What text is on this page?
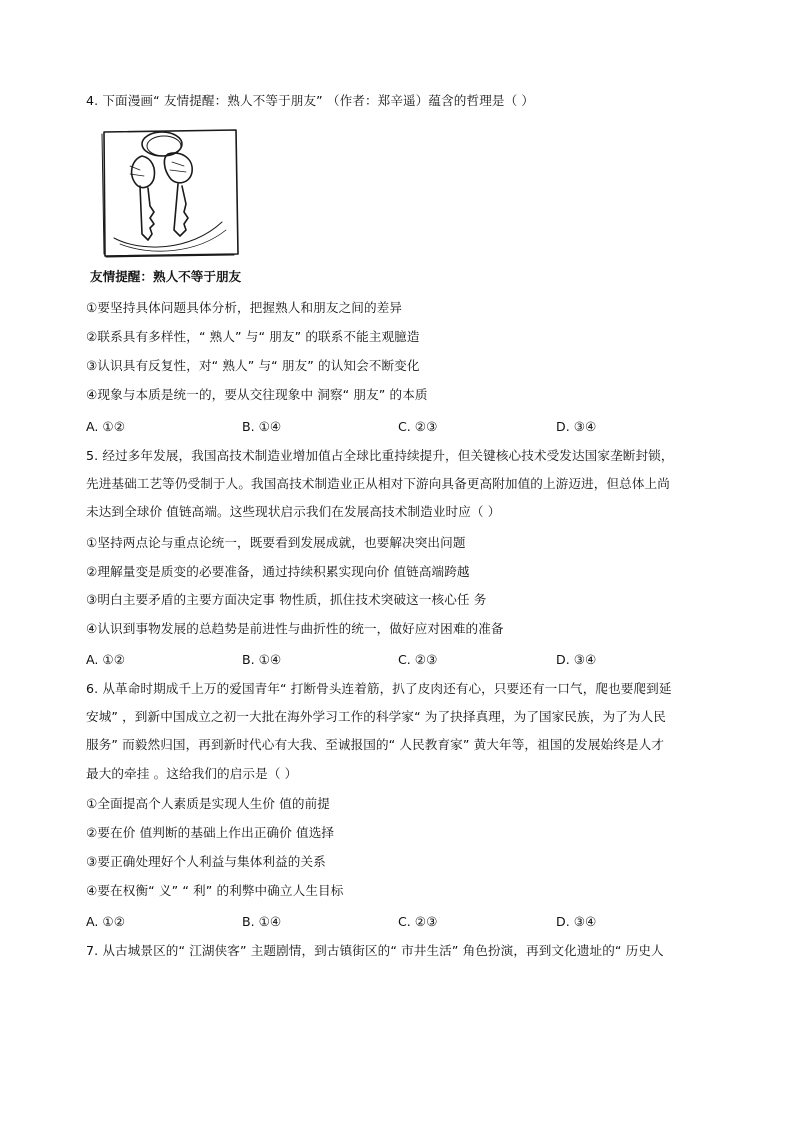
4. 下面漫画“ 友情提醒：熟人不等于朋友” （作者：郑辛遥）蕴含的哲理是（ ）
友情提醒：熟人不等于朋友
①要坚持具体问题具体分析，把握熟人和朋友之间的差异
②联系具有多样性，“ 熟人” 与“ 朋友” 的联系不能主观臆造
③认识具有反复性，对“ 熟人” 与“ 朋友” 的认知会不断变化
④现象与本质是统一的，要从交往现象中 洞察“ 朋友” 的本质
A. ①②	B. ①④	C. ②③	D. ③④
5. 经过多年发展，我国高技术制造业增加值占全球比重持续提升，但关键核心技术受发达国家垄断封锁，
先进基础工艺等仍受制于人。我国高技术制造业正从相对下游向具备更高附加值的上游迈进，但总体上尚
未达到全球价 值链高端。这些现状启示我们在发展高技术制造业时应（ ）
①坚持两点论与重点论统一，既要看到发展成就，也要解决突出问题
②理解量变是质变的必要准备，通过持续积累实现向价 值链高端跨越
③明白主要矛盾的主要方面决定事 物性质，抓住技术突破这一核心任 务
④认识到事物发展的总趋势是前进性与曲折性的统一，做好应对困难的准备
A. ①②	B. ①④	C. ②③	D. ③④
6. 从革命时期成千上万的爱国青年“ 打断骨头连着筋，扒了皮肉还有心，只要还有一口气，爬也要爬到延
安城” ，到新中国成立之初一大批在海外学习工作的科学家“ 为了抉择真理，为了国家民族，为了为人民
服务” 而毅然归国，再到新时代心有大我、至诚报国的“ 人民教育家” 黄大年等，祖国的发展始终是人才
最大的牵挂 。这给我们的启示是（ ）
①全面提高个人素质是实现人生价 值的前提
②要在价 值判断的基础上作出正确价 值选择
③要正确处理好个人利益与集体利益的关系
④要在权衡“ 义” “ 利” 的利弊中确立人生目标
A. ①②	B. ①④	C. ②③	D. ③④
7. 从古城景区的“ 江湖侠客” 主题剧情，到古镇街区的“ 市井生活” 角色扮演，再到文化遗址的“ 历史人
